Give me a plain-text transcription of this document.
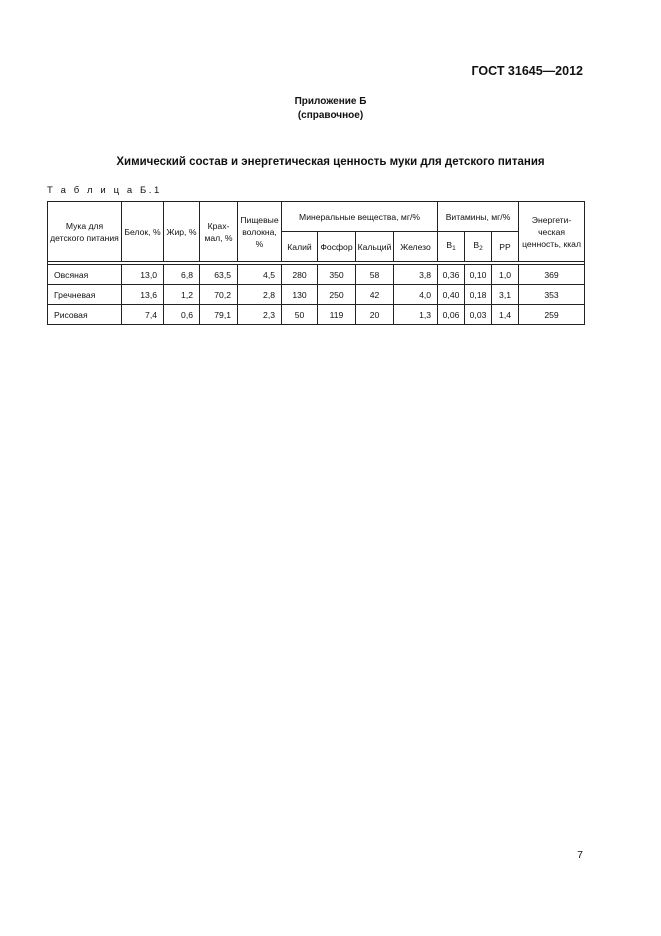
ГОСТ 31645—2012
Приложение Б
(справочное)
Химический состав и энергетическая ценность муки для детского питания
Т а б л и ц а Б.1
Мука для детского питания	Белок, %	Жир, %	Крах-мал, %	Пищевые волокна, %	Минеральные вещества, мг/%				Витамины, мг/%			Энергети-ческая ценность, ккал
					Калий	Фосфор	Кальций	Железо	$В_1$	$В_2$	РР	

Овсяная	13,0	6,8	63,5	4,5	280	350	58	3,8	0,36	0,10	1,0	369
Гречневая	13,6	1,2	70,2	2,8	130	250	42	4,0	0,40	0,18	3,1	353
Рисовая	7,4	0,6	79,1	2,3	50	119	20	1,3	0,06	0,03	1,4	259
7
